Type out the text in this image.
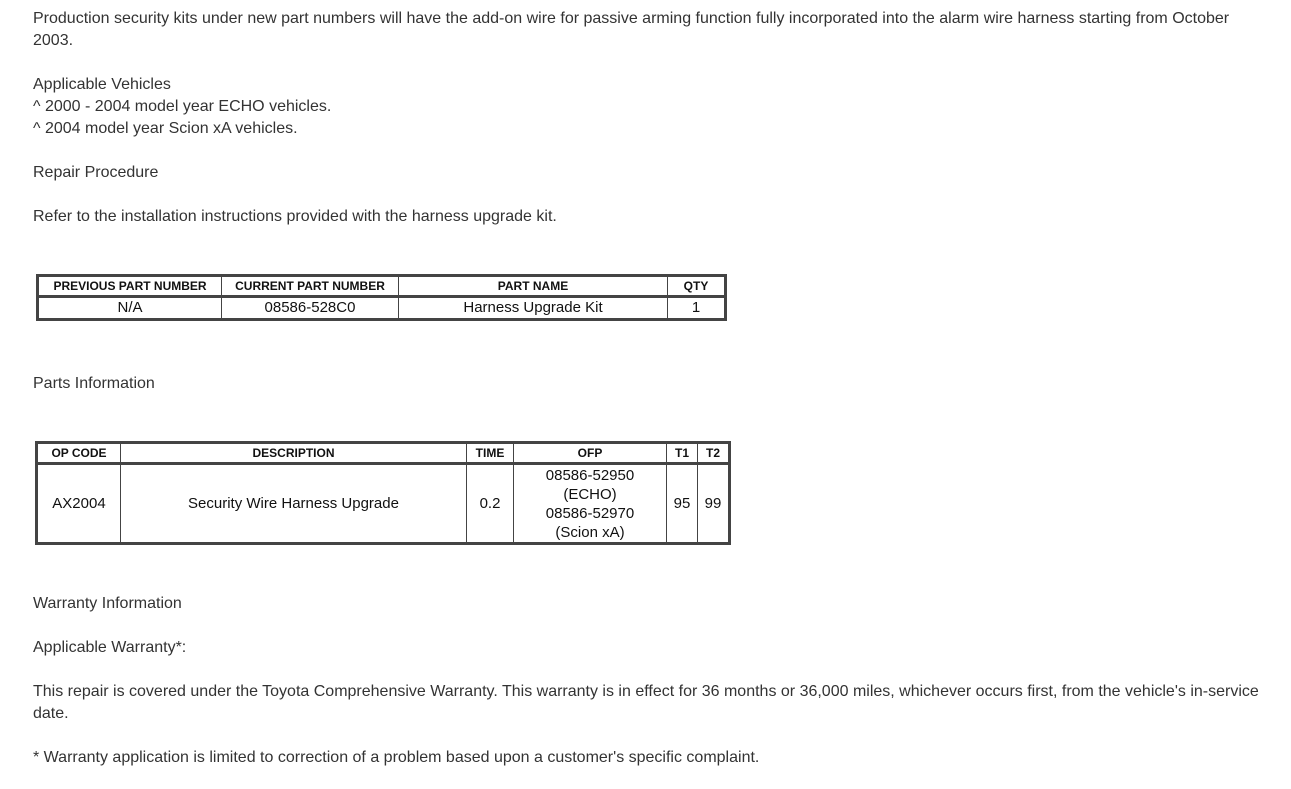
Production security kits under new part numbers will have the add-on wire for passive arming function fully incorporated into the alarm wire harness starting from October
2003.

Applicable Vehicles
^ 2000 - 2004 model year ECHO vehicles.
^ 2004 model year Scion xA vehicles.

Repair Procedure

Refer to the installation instructions provided with the harness upgrade kit.

PREVIOUS PART NUMBER	CURRENT PART NUMBER	PART NAME	QTY
N/A	08586-528C0	Harness Upgrade Kit	1

Parts Information

OP CODE	DESCRIPTION	TIME	OFP	T1	T2
AX2004	Security Wire Harness Upgrade	0.2	08586-52950
(ECHO)
08586-52970
(Scion xA)	95	99

Warranty Information

Applicable Warranty*:

This repair is covered under the Toyota Comprehensive Warranty. This warranty is in effect for 36 months or 36,000 miles, whichever occurs first, from the vehicle's in-service
date.

* Warranty application is limited to correction of a problem based upon a customer's specific complaint.
